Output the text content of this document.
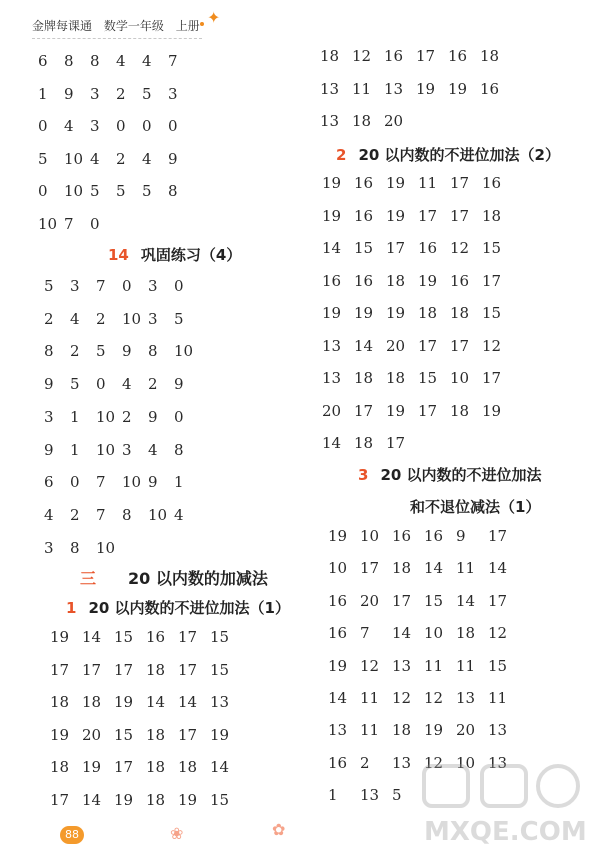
金牌每课通 数学一年级 上册 ✦
6 8 8 4 4 7
1 9 3 2 5 3
0 4 3 0 0 0
5 10 4 2 4 9
0 10 5 5 5 8
10 7 0
14 巩固练习（4）
5 3 7 0 3 0
2 4 2 10 3 5
8 2 5 9 8 10
9 5 0 4 2 9
3 1 10 2 9 0
9 1 10 3 4 8
6 0 7 10 9 1
4 2 7 8 10 4
3 8 10
三 20 以内数的加减法
1 20 以内数的不进位加法（1）
19 14 15 16 17 15
17 17 17 18 17 15
18 18 19 14 14 13
19 20 15 18 17 19
18 19 17 18 18 14
17 14 19 18 19 15
18 12 16 17 16 18
13 11 13 19 19 16
13 18 20
2 20 以内数的不进位加法（2）
19 16 19 11 17 16
19 16 19 17 17 18
14 15 17 16 12 15
16 16 18 19 16 17
19 19 19 18 18 15
13 14 20 17 17 12
13 18 18 15 10 17
20 17 19 17 18 19
14 18 17
3 20 以内数的不进位加法
和不退位减法（1）
19 10 16 16 9 17
10 17 18 14 11 14
16 20 17 15 14 17
16 7 14 10 18 12
19 12 13 11 11 15
14 11 12 12 13 11
13 11 18 19 20 13
16 2 13 12 10 13
1 13 5
88	❀	✿	MXQE.COM
